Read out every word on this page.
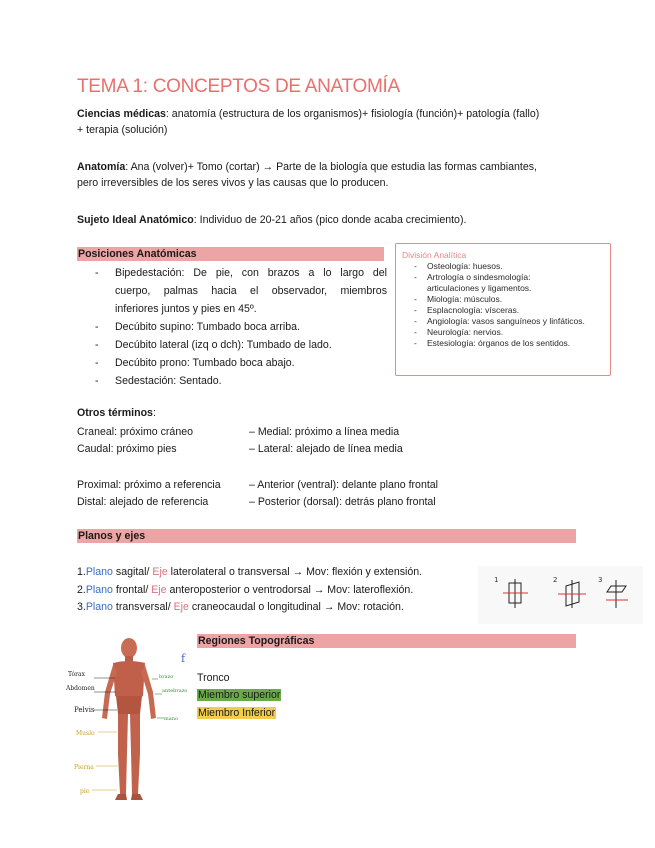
TEMA 1: CONCEPTOS DE ANATOMÍA
Ciencias médicas: anatomía (estructura de los organismos)+ fisiología (función)+ patología (fallo)
+ terapia (solución)
Anatomía: Ana (volver)+ Tomo (cortar) → Parte de la biología que estudia las formas cambiantes,
pero irreversibles de los seres vivos y las causas que lo producen.
Sujeto Ideal Anatómico: Individuo de 20-21 años (pico donde acaba crecimiento).
Posiciones Anatómicas
- Bipedestación: De pie, con brazos a lo largo del
cuerpo, palmas hacia el observador, miembros
inferiores juntos y pies en 45º.
- Decúbito supino: Tumbado boca arriba.
- Decúbito lateral (izq o dch): Tumbado de lado.
- Decúbito prono: Tumbado boca abajo.
- Sedestación: Sentado.
División Analítica
- Osteología: huesos.
- Artrología o sindesmología:
articulaciones y ligamentos.
- Miología: músculos.
- Esplacnología: vísceras.
- Angiología: vasos sanguíneos y linfáticos.
- Neurología: nervios.
- Estesiología: órganos de los sentidos.
Otros términos:
Craneal: próximo cráneo
Caudal: próximo pies
Proximal: próximo a referencia
Distal: alejado de referencia
– Medial: próximo a línea media
– Lateral: alejado de línea media
– Anterior (ventral): delante plano frontal
– Posterior (dorsal): detrás plano frontal
Planos y ejes
1.Plano sagital/ Eje laterolateral o transversal → Mov: flexión y extensión.
2.Plano frontal/ Eje anteroposterior o ventrodorsal → Mov: lateroflexión.
3.Plano transversal/ Eje craneocaudal o longitudinal → Mov: rotación.
1	2	3
Tórax
Abdomen
Pelvis
Muslo
Pierna
pie
brazo
antebrazo
mano
f
Regiones Topográficas
Tronco
Miembro superior
Miembro Inferior
